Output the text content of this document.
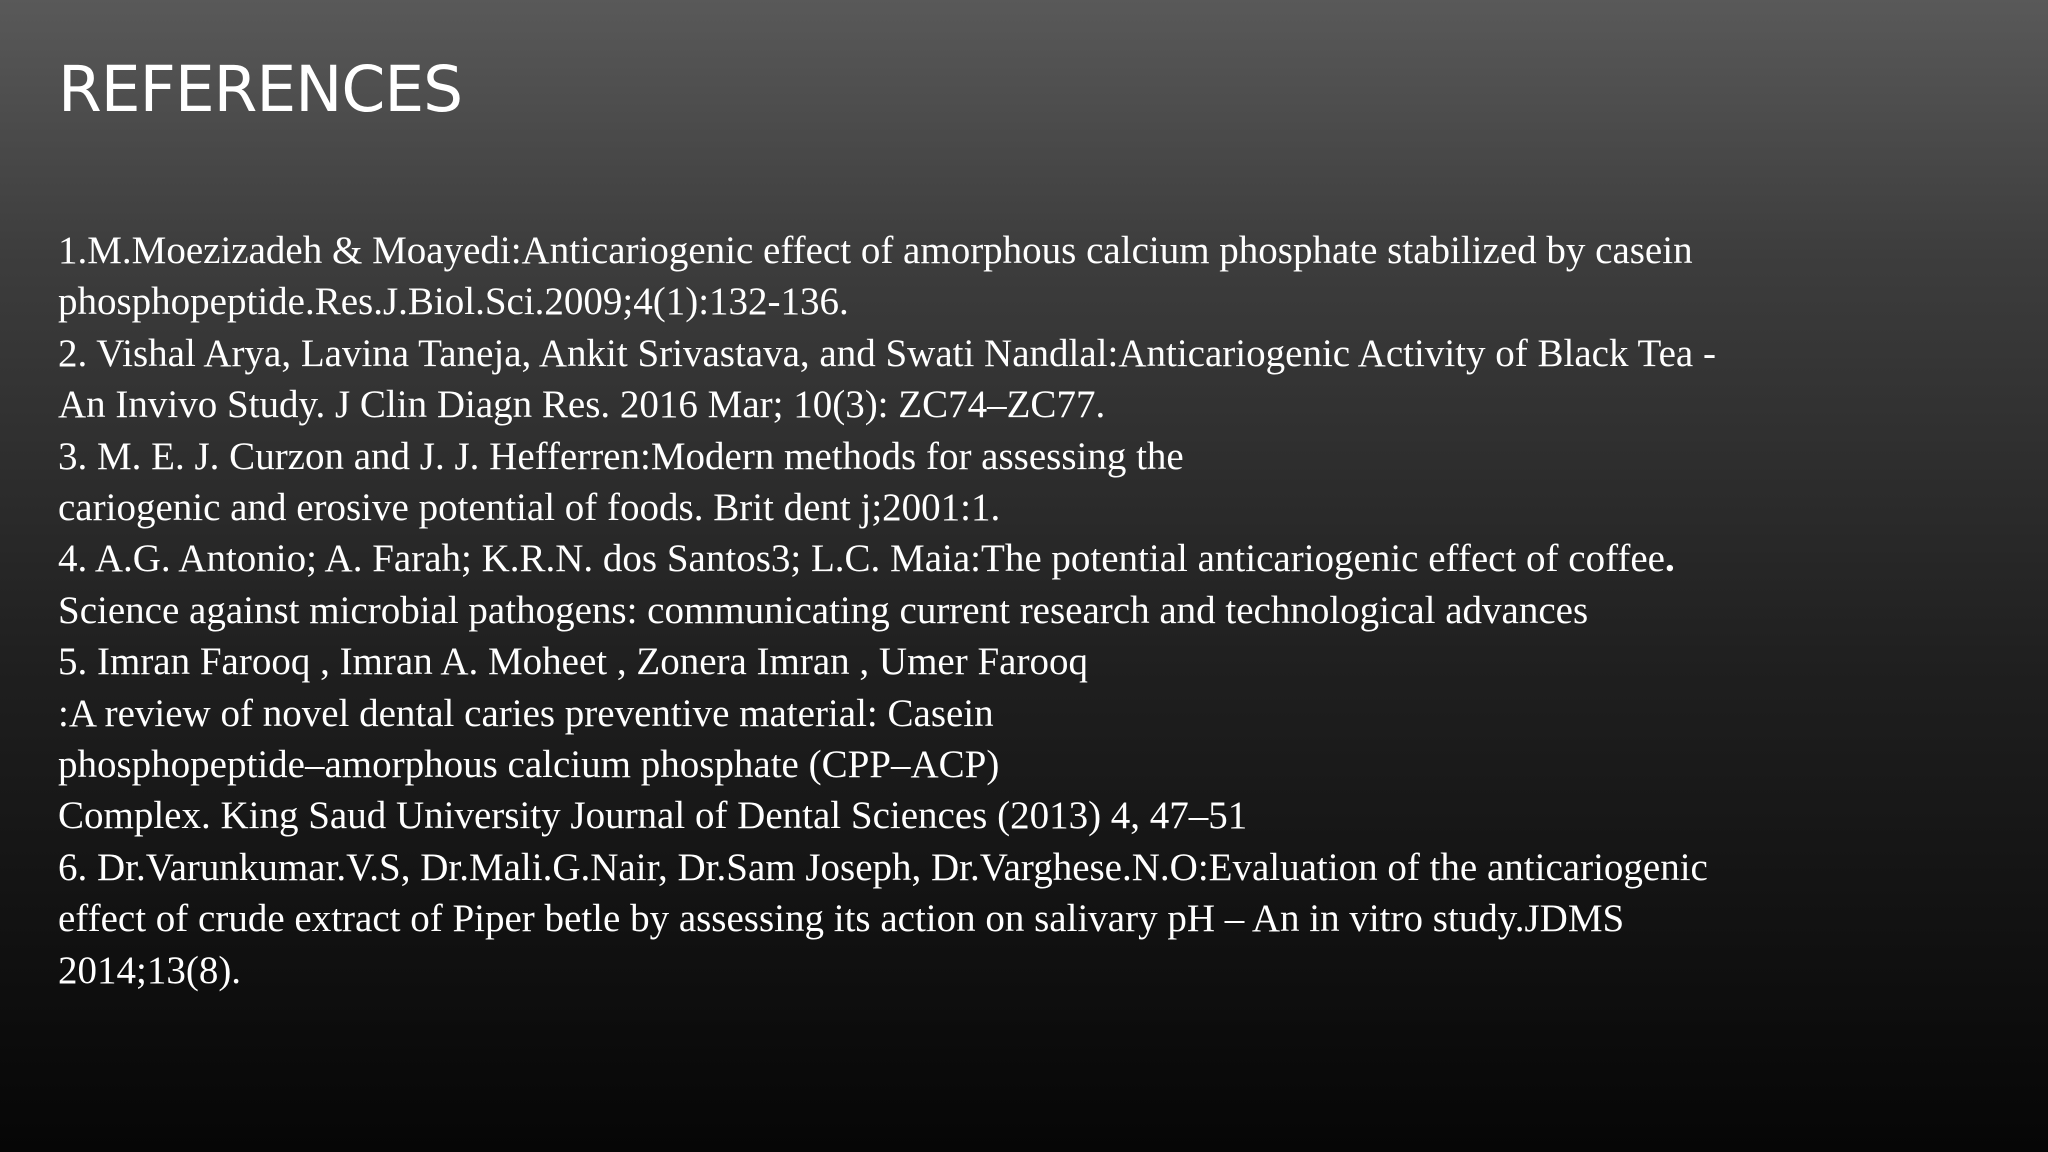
REFERENCES
1.M.Moezizadeh & Moayedi:Anticariogenic effect of amorphous calcium phosphate stabilized by casein
phosphopeptide.Res.J.Biol.Sci.2009;4(1):132-136.
2. Vishal Arya, Lavina Taneja, Ankit Srivastava, and Swati Nandlal:Anticariogenic Activity of Black Tea -
An Invivo Study. J Clin Diagn Res. 2016 Mar; 10(3): ZC74–ZC77.
3. M. E. J. Curzon and J. J. Hefferren:Modern methods for assessing the
cariogenic and erosive potential of foods. Brit dent j;2001:1.
4. A.G. Antonio; A. Farah; K.R.N. dos Santos3; L.C. Maia:The potential anticariogenic effect of coffee.
Science against microbial pathogens: communicating current research and technological advances
5. Imran Farooq , Imran A. Moheet , Zonera Imran , Umer Farooq
:A review of novel dental caries preventive material: Casein
phosphopeptide–amorphous calcium phosphate (CPP–ACP)
Complex. King Saud University Journal of Dental Sciences (2013) 4, 47–51
6. Dr.Varunkumar.V.S, Dr.Mali.G.Nair, Dr.Sam Joseph, Dr.Varghese.N.O:Evaluation of the anticariogenic
effect of crude extract of Piper betle by assessing its action on salivary pH – An in vitro study.JDMS
2014;13(8).
